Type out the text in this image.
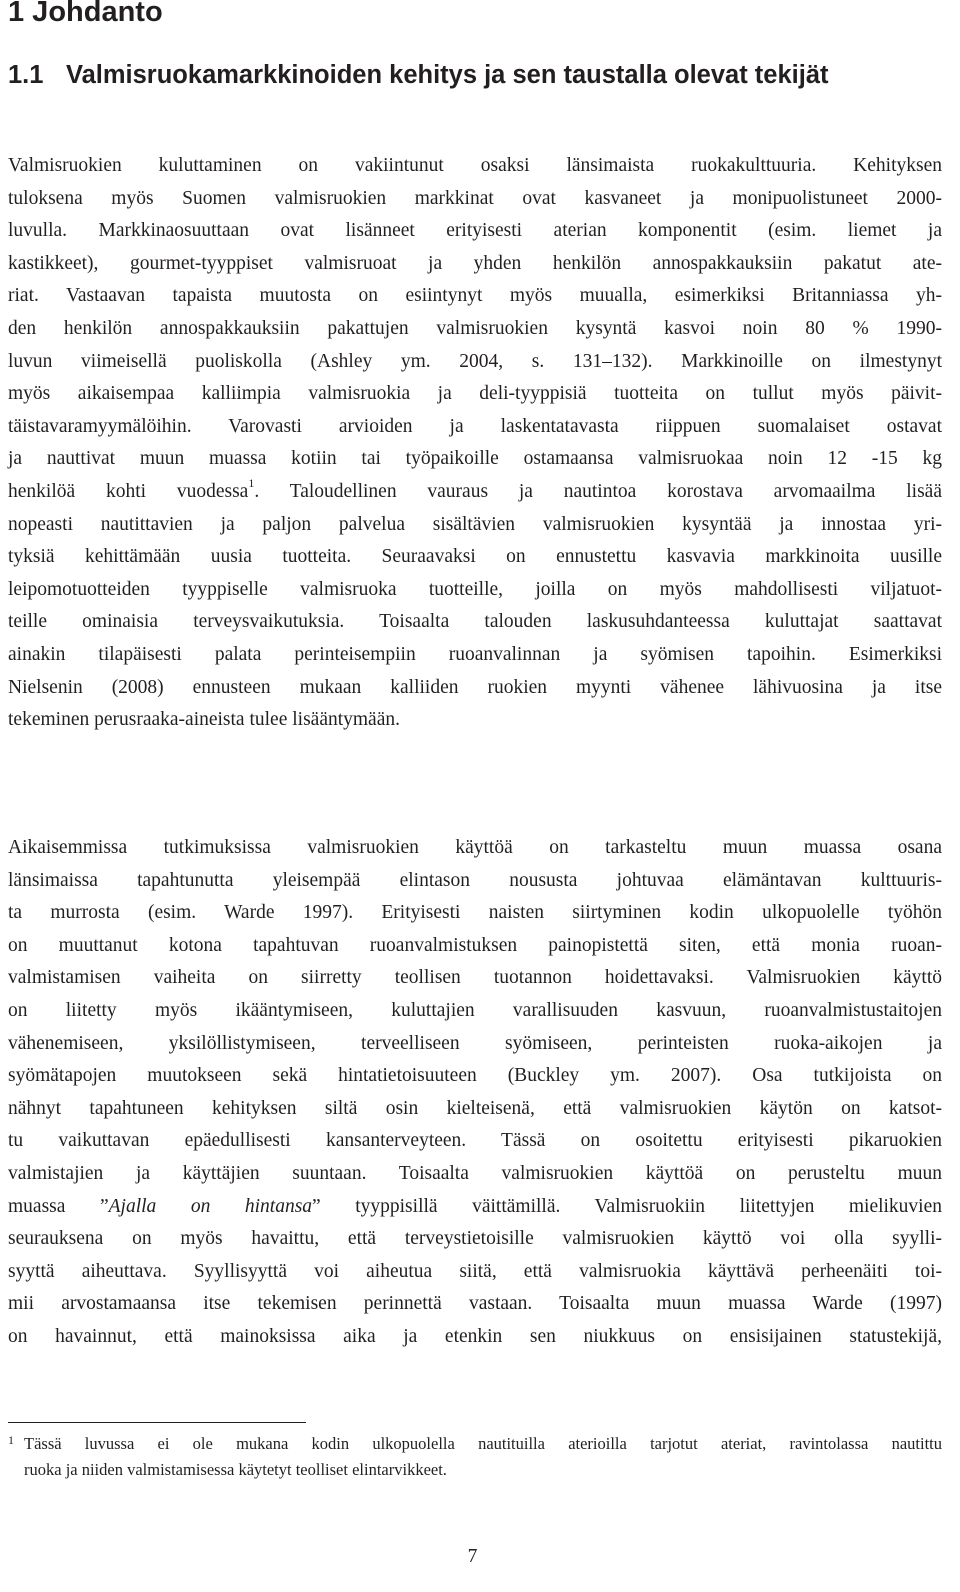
1 Johdanto
1.1 Valmisruokamarkkinoiden kehitys ja sen taustalla olevat tekijät
Valmisruokien kuluttaminen on vakiintunut osaksi länsimaista ruokakulttuuria. Kehityksen
tuloksena myös Suomen valmisruokien markkinat ovat kasvaneet ja monipuolistuneet 2000-
luvulla. Markkinaosuuttaan ovat lisänneet erityisesti aterian komponentit (esim. liemet ja
kastikkeet), gourmet-tyyppiset valmisruoat ja yhden henkilön annospakkauksiin pakatut ate-
riat. Vastaavan tapaista muutosta on esiintynyt myös muualla, esimerkiksi Britanniassa yh-
den henkilön annospakkauksiin pakattujen valmisruokien kysyntä kasvoi noin 80 % 1990-
luvun viimeisellä puoliskolla (Ashley ym. 2004, s. 131–132). Markkinoille on ilmestynyt
myös aikaisempaa kalliimpia valmisruokia ja deli-tyyppisiä tuotteita on tullut myös päivit-
täistavaramyymälöihin. Varovasti arvioiden ja laskentatavasta riippuen suomalaiset ostavat
ja nauttivat muun muassa kotiin tai työpaikoille ostamaansa valmisruokaa noin 12 -15 kg
henkilöä kohti vuodessa$^1$. Taloudellinen vauraus ja nautintoa korostava arvomaailma lisää
nopeasti nautittavien ja paljon palvelua sisältävien valmisruokien kysyntää ja innostaa yri-
tyksiä kehittämään uusia tuotteita. Seuraavaksi on ennustettu kasvavia markkinoita uusille
leipomotuotteiden tyyppiselle valmisruoka tuotteille, joilla on myös mahdollisesti viljatuot-
teille ominaisia terveysvaikutuksia. Toisaalta talouden laskusuhdanteessa kuluttajat saattavat
ainakin tilapäisesti palata perinteisempiin ruoanvalinnan ja syömisen tapoihin. Esimerkiksi
Nielsenin (2008) ennusteen mukaan kalliiden ruokien myynti vähenee lähivuosina ja itse
tekeminen perusraaka-aineista tulee lisääntymään.
Aikaisemmissa tutkimuksissa valmisruokien käyttöä on tarkasteltu muun muassa osana
länsimaissa tapahtunutta yleisempää elintason noususta johtuvaa elämäntavan kulttuuris-
ta murrosta (esim. Warde 1997). Erityisesti naisten siirtyminen kodin ulkopuolelle työhön
on muuttanut kotona tapahtuvan ruoanvalmistuksen painopistettä siten, että monia ruoan-
valmistamisen vaiheita on siirretty teollisen tuotannon hoidettavaksi. Valmisruokien käyttö
on liitetty myös ikääntymiseen, kuluttajien varallisuuden kasvuun, ruoanvalmistustaitojen
vähenemiseen, yksilöllistymiseen, terveelliseen syömiseen, perinteisten ruoka-aikojen ja
syömätapojen muutokseen sekä hintatietoisuuteen (Buckley ym. 2007). Osa tutkijoista on
nähnyt tapahtuneen kehityksen siltä osin kielteisenä, että valmisruokien käytön on katsot-
tu vaikuttavan epäedullisesti kansanterveyteen. Tässä on osoitettu erityisesti pikaruokien
valmistajien ja käyttäjien suuntaan. Toisaalta valmisruokien käyttöä on perusteltu muun
muassa ”Ajalla on hintansa” tyyppisillä väittämillä. Valmisruokiin liitettyjen mielikuvien
seurauksena on myös havaittu, että terveystietoisille valmisruokien käyttö voi olla syylli-
syyttä aiheuttava. Syyllisyyttä voi aiheutua siitä, että valmisruokia käyttävä perheenäiti toi-
mii arvostamaansa itse tekemisen perinnettä vastaan. Toisaalta muun muassa Warde (1997)
on havainnut, että mainoksissa aika ja etenkin sen niukkuus on ensisijainen statustekijä,
1 Tässä luvussa ei ole mukana kodin ulkopuolella nautituilla aterioilla tarjotut ateriat, ravintolassa nautittu
ruoka ja niiden valmistamisessa käytetyt teolliset elintarvikkeet.
7
